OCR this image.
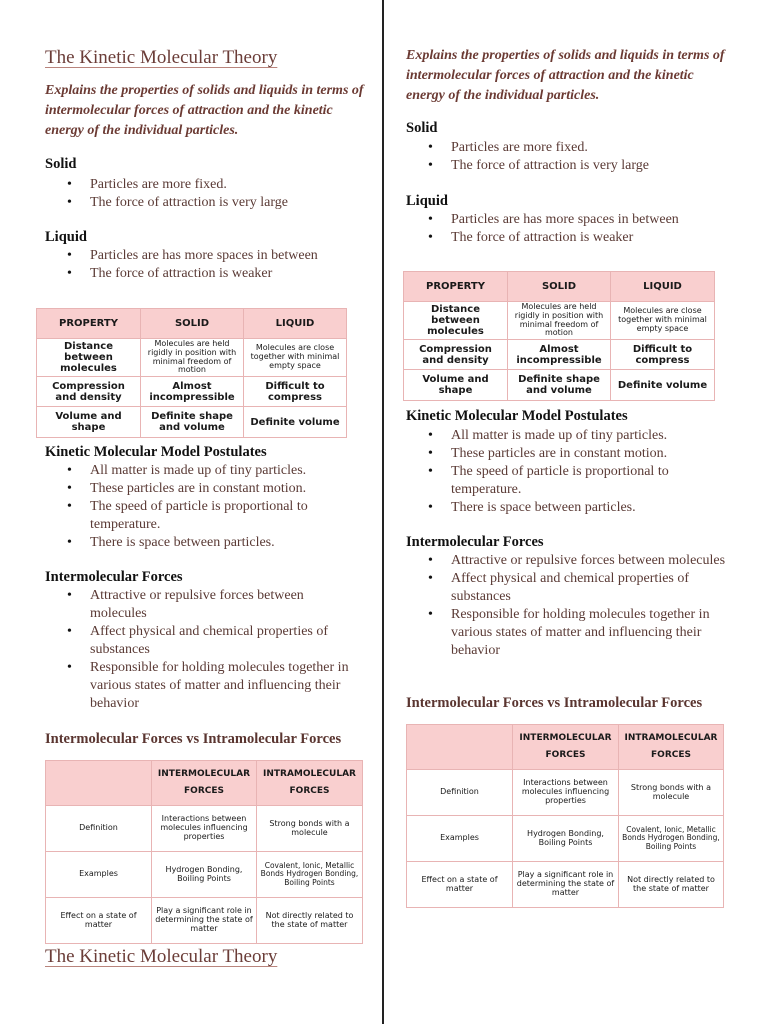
The Kinetic Molecular Theory
Explains the properties of solids and liquids in terms of intermolecular forces of attraction and the kinetic energy of the individual particles.
Solid
• Particles are more fixed.
• The force of attraction is very large
Liquid
• Particles are has more spaces in between
• The force of attraction is weaker
PROPERTY	SOLID	LIQUID
Distance between molecules	Molecules are held rigidly in position with minimal freedom of motion	Molecules are close together with minimal empty space
Compression and density	Almost incompressible	Difficult to compress
Volume and shape	Definite shape and volume	Definite volume
Kinetic Molecular Model Postulates
• All matter is made up of tiny particles.
• These particles are in constant motion.
• The speed of particle is proportional to temperature.
• There is space between particles.
Intermolecular Forces
• Attractive or repulsive forces between molecules
• Affect physical and chemical properties of substances
• Responsible for holding molecules together in various states of matter and influencing their behavior
Intermolecular Forces vs Intramolecular Forces
	INTERMOLECULAR FORCES	INTRAMOLECULAR FORCES
Definition	Interactions between molecules influencing properties	Strong bonds with a molecule
Examples	Hydrogen Bonding, Boiling Points	Covalent, Ionic, Metallic Bonds Hydrogen Bonding, Boiling Points
Effect on a state of matter	Play a significant role in determining the state of matter	Not directly related to the state of matter
The Kinetic Molecular Theory
Explains the properties of solids and liquids in terms of intermolecular forces of attraction and the kinetic energy of the individual particles.
Solid
• Particles are more fixed.
• The force of attraction is very large
Liquid
• Particles are has more spaces in between
• The force of attraction is weaker
PROPERTY	SOLID	LIQUID
Distance between molecules	Molecules are held rigidly in position with minimal freedom of motion	Molecules are close together with minimal empty space
Compression and density	Almost incompressible	Difficult to compress
Volume and shape	Definite shape and volume	Definite volume
Kinetic Molecular Model Postulates
• All matter is made up of tiny particles.
• These particles are in constant motion.
• The speed of particle is proportional to temperature.
• There is space between particles.
Intermolecular Forces
• Attractive or repulsive forces between molecules
• Affect physical and chemical properties of substances
• Responsible for holding molecules together in various states of matter and influencing their behavior
Intermolecular Forces vs Intramolecular Forces
	INTERMOLECULAR FORCES	INTRAMOLECULAR FORCES
Definition	Interactions between molecules influencing properties	Strong bonds with a molecule
Examples	Hydrogen Bonding, Boiling Points	Covalent, Ionic, Metallic Bonds Hydrogen Bonding, Boiling Points
Effect on a state of matter	Play a significant role in determining the state of matter	Not directly related to the state of matter
